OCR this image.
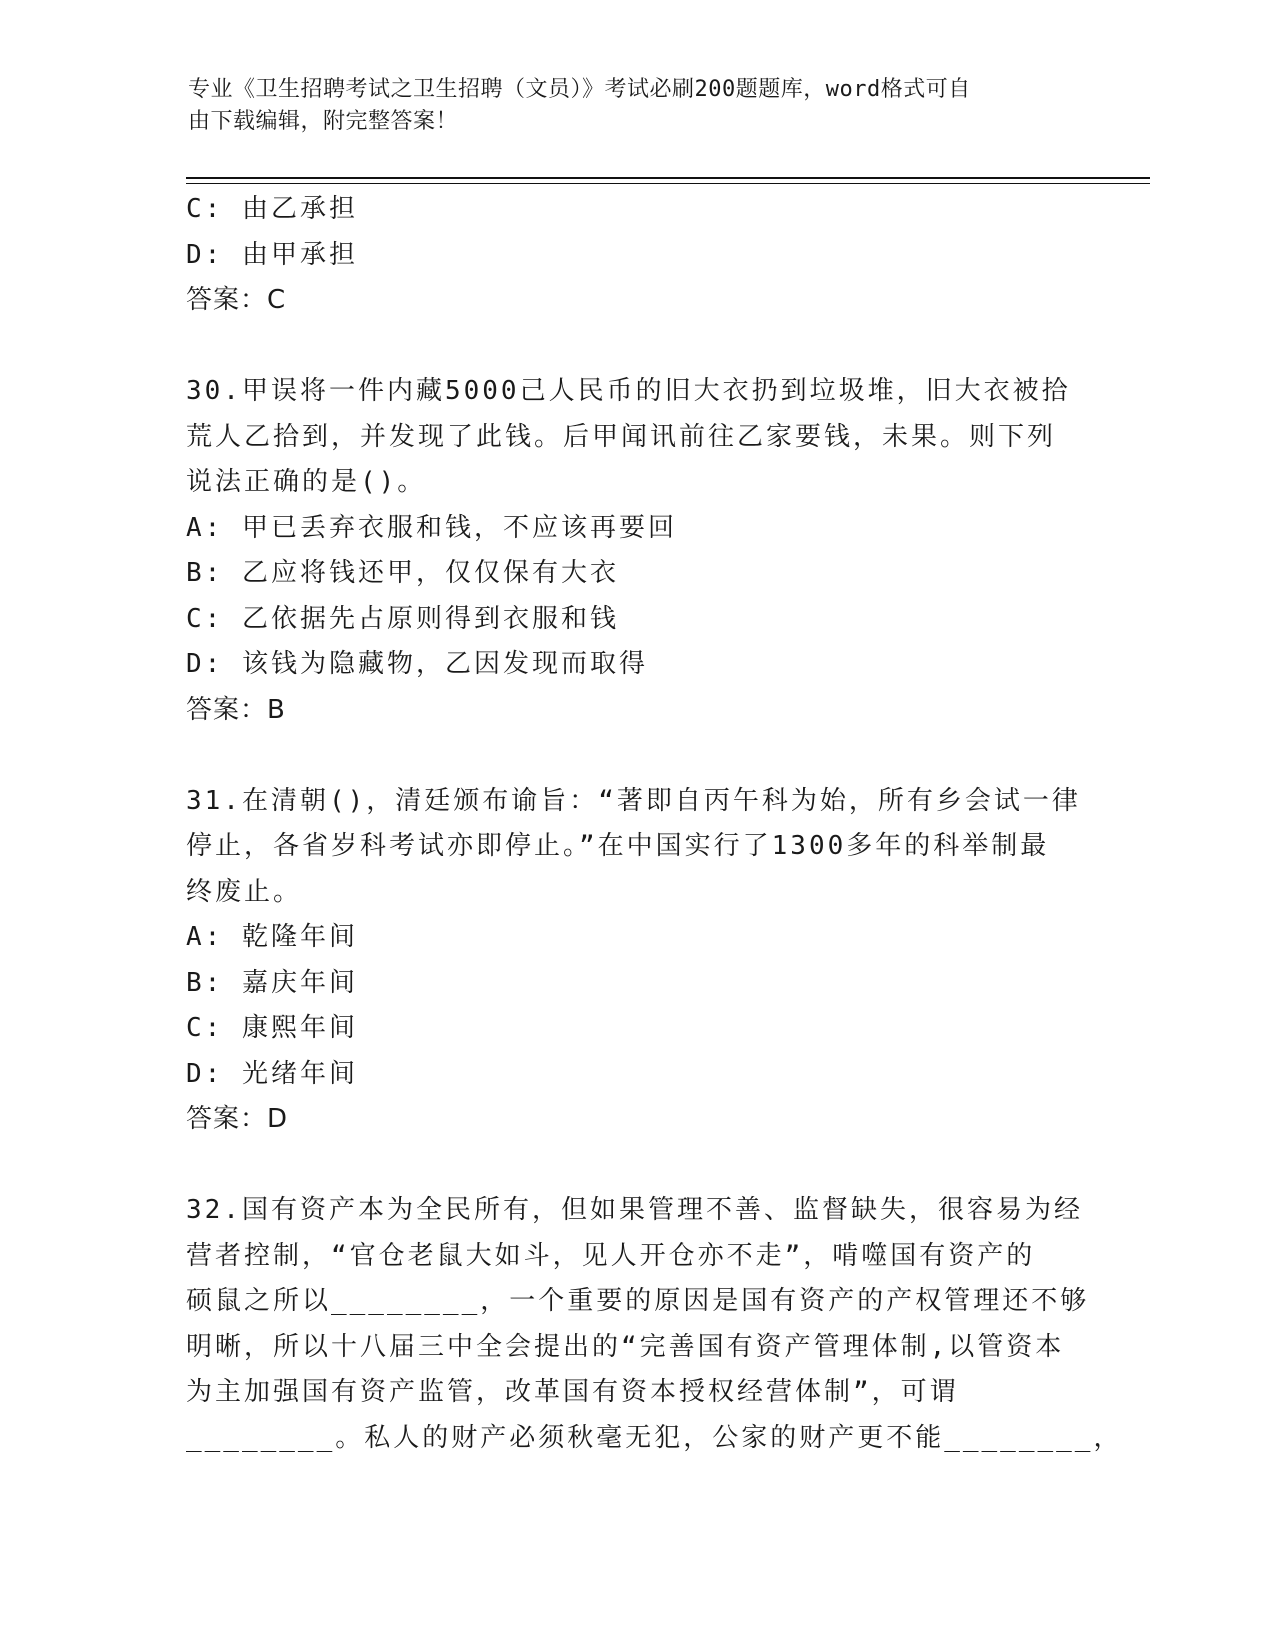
专业《卫生招聘考试之卫生招聘（文员）》考试必刷200题题库，word格式可自
由下载编辑，附完整答案！

C: 由乙承担

D: 由甲承担

答案：C

30.甲误将一件内藏5000己人民币的旧大衣扔到垃圾堆，旧大衣被拾

荒人乙拾到，并发现了此钱。后甲闻讯前往乙家要钱，未果。则下列

说法正确的是()。

A: 甲已丢弃衣服和钱，不应该再要回

B: 乙应将钱还甲，仅仅保有大衣

C: 乙依据先占原则得到衣服和钱

D: 该钱为隐藏物，乙因发现而取得

答案：B

31.在清朝()，清廷颁布谕旨：“著即自丙午科为始，所有乡会试一律

停止，各省岁科考试亦即停止。”在中国实行了1300多年的科举制最

终废止。

A: 乾隆年间

B: 嘉庆年间

C: 康熙年间

D: 光绪年间

答案：D

32.国有资产本为全民所有，但如果管理不善、监督缺失，很容易为经

营者控制，“官仓老鼠大如斗，见人开仓亦不走”，啃噬国有资产的

硕鼠之所以________，一个重要的原因是国有资产的产权管理还不够

明晰，所以十八届三中全会提出的“完善国有资产管理体制,以管资本

为主加强国有资产监管，改革国有资本授权经营体制”，可谓

________。私人的财产必须秋毫无犯，公家的财产更不能________，
